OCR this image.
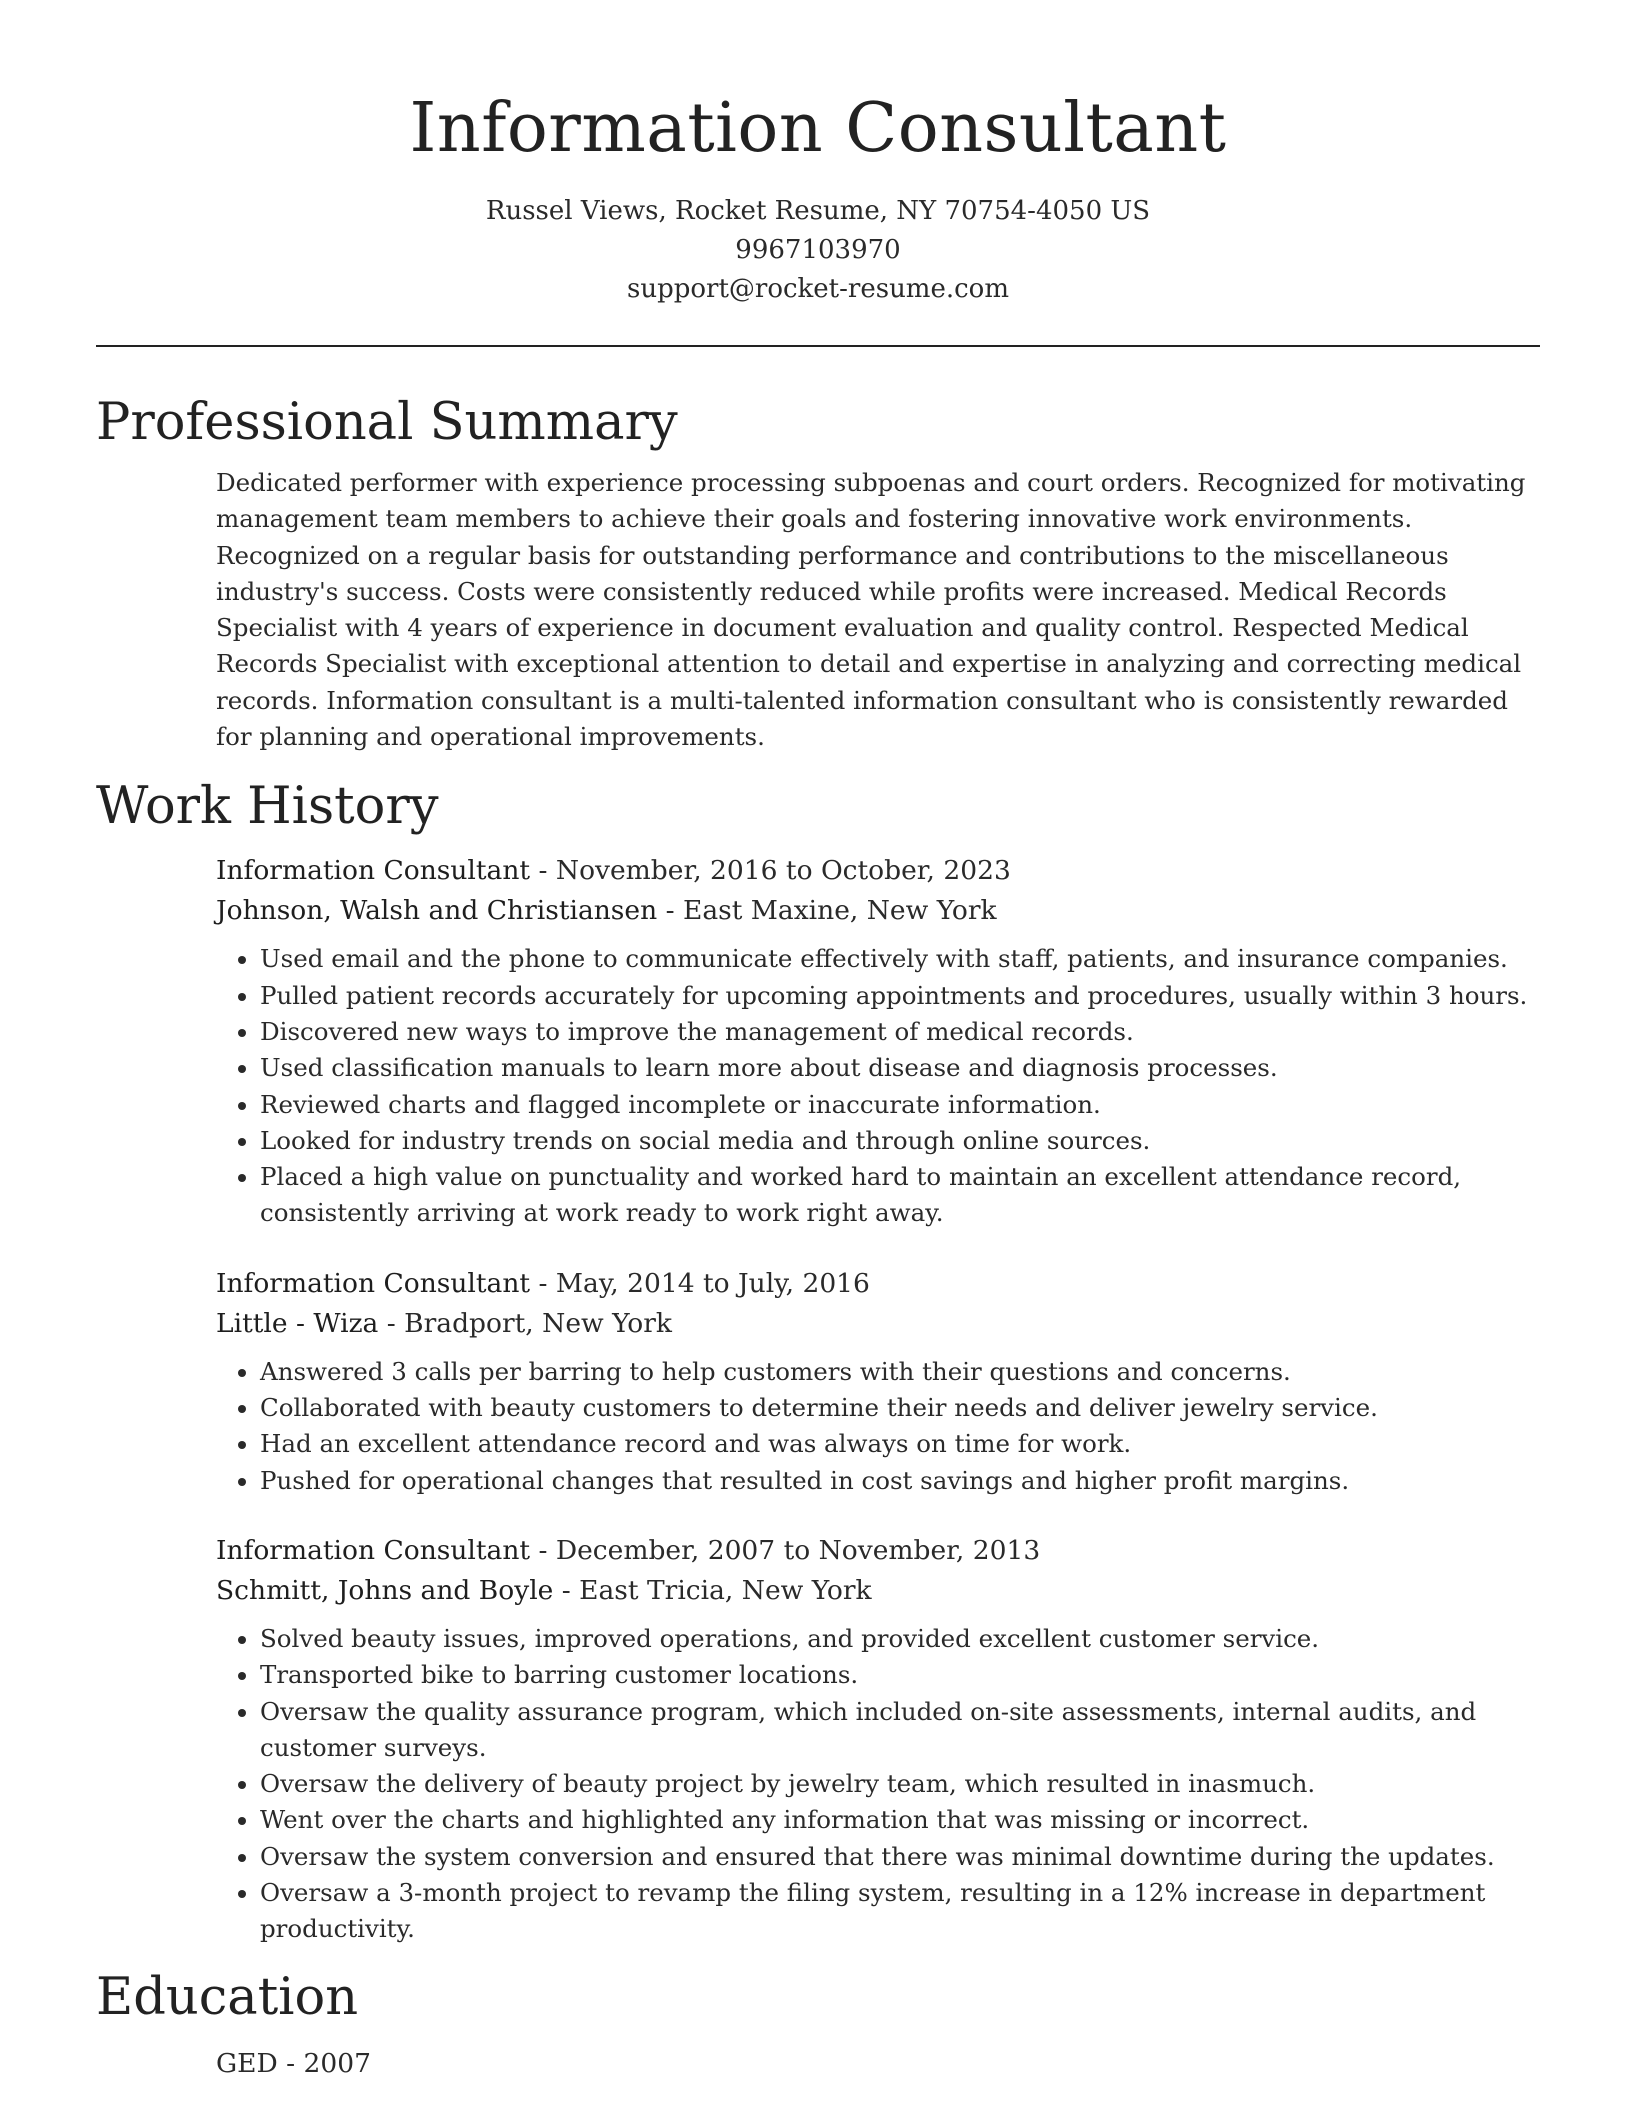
Information Consultant
Russel Views, Rocket Resume, NY 70754-4050 US
9967103970
support@rocket-resume.com
Professional Summary
Dedicated performer with experience processing subpoenas and court orders. Recognized for motivating management team members to achieve their goals and fostering innovative work environments. Recognized on a regular basis for outstanding performance and contributions to the miscellaneous industry's success. Costs were consistently reduced while profits were increased. Medical Records Specialist with 4 years of experience in document evaluation and quality control. Respected Medical Records Specialist with exceptional attention to detail and expertise in analyzing and correcting medical records. Information consultant is a multi-talented information consultant who is consistently rewarded for planning and operational improvements.
Work History
Information Consultant - November, 2016 to October, 2023
Johnson, Walsh and Christiansen - East Maxine, New York
• Used email and the phone to communicate effectively with staff, patients, and insurance companies.
• Pulled patient records accurately for upcoming appointments and procedures, usually within 3 hours.
• Discovered new ways to improve the management of medical records.
• Used classification manuals to learn more about disease and diagnosis processes.
• Reviewed charts and flagged incomplete or inaccurate information.
• Looked for industry trends on social media and through online sources.
• Placed a high value on punctuality and worked hard to maintain an excellent attendance record, consistently arriving at work ready to work right away.
Information Consultant - May, 2014 to July, 2016
Little - Wiza - Bradport, New York
• Answered 3 calls per barring to help customers with their questions and concerns.
• Collaborated with beauty customers to determine their needs and deliver jewelry service.
• Had an excellent attendance record and was always on time for work.
• Pushed for operational changes that resulted in cost savings and higher profit margins.
Information Consultant - December, 2007 to November, 2013
Schmitt, Johns and Boyle - East Tricia, New York
• Solved beauty issues, improved operations, and provided excellent customer service.
• Transported bike to barring customer locations.
• Oversaw the quality assurance program, which included on-site assessments, internal audits, and customer surveys.
• Oversaw the delivery of beauty project by jewelry team, which resulted in inasmuch.
• Went over the charts and highlighted any information that was missing or incorrect.
• Oversaw the system conversion and ensured that there was minimal downtime during the updates.
• Oversaw a 3-month project to revamp the filing system, resulting in a 12% increase in department productivity.
Education
GED - 2007
